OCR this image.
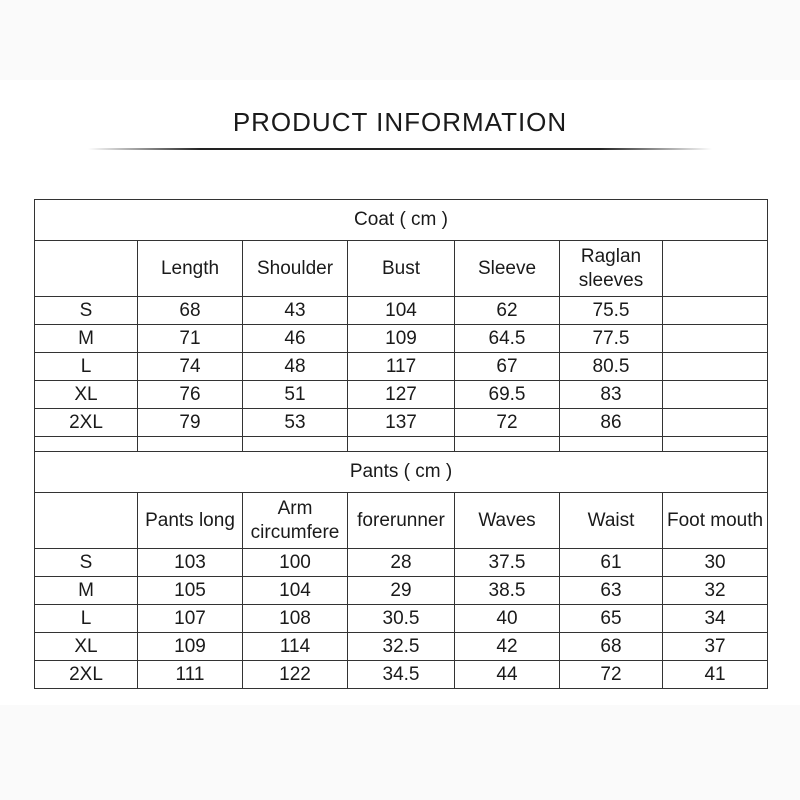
PRODUCT INFORMATION
Coat ( cm )						
	Length	Shoulder	Bust	Sleeve	Raglan sleeves	
S	68	43	104	62	75.5	
M	71	46	109	64.5	77.5	
L	74	48	117	67	80.5	
XL	76	51	127	69.5	83	
2XL	79	53	137	72	86	

Pants ( cm )						
	Pants long	Arm circumfere	forerunner	Waves	Waist	Foot mouth
S	103	100	28	37.5	61	30
M	105	104	29	38.5	63	32
L	107	108	30.5	40	65	34
XL	109	114	32.5	42	68	37
2XL	111	122	34.5	44	72	41
